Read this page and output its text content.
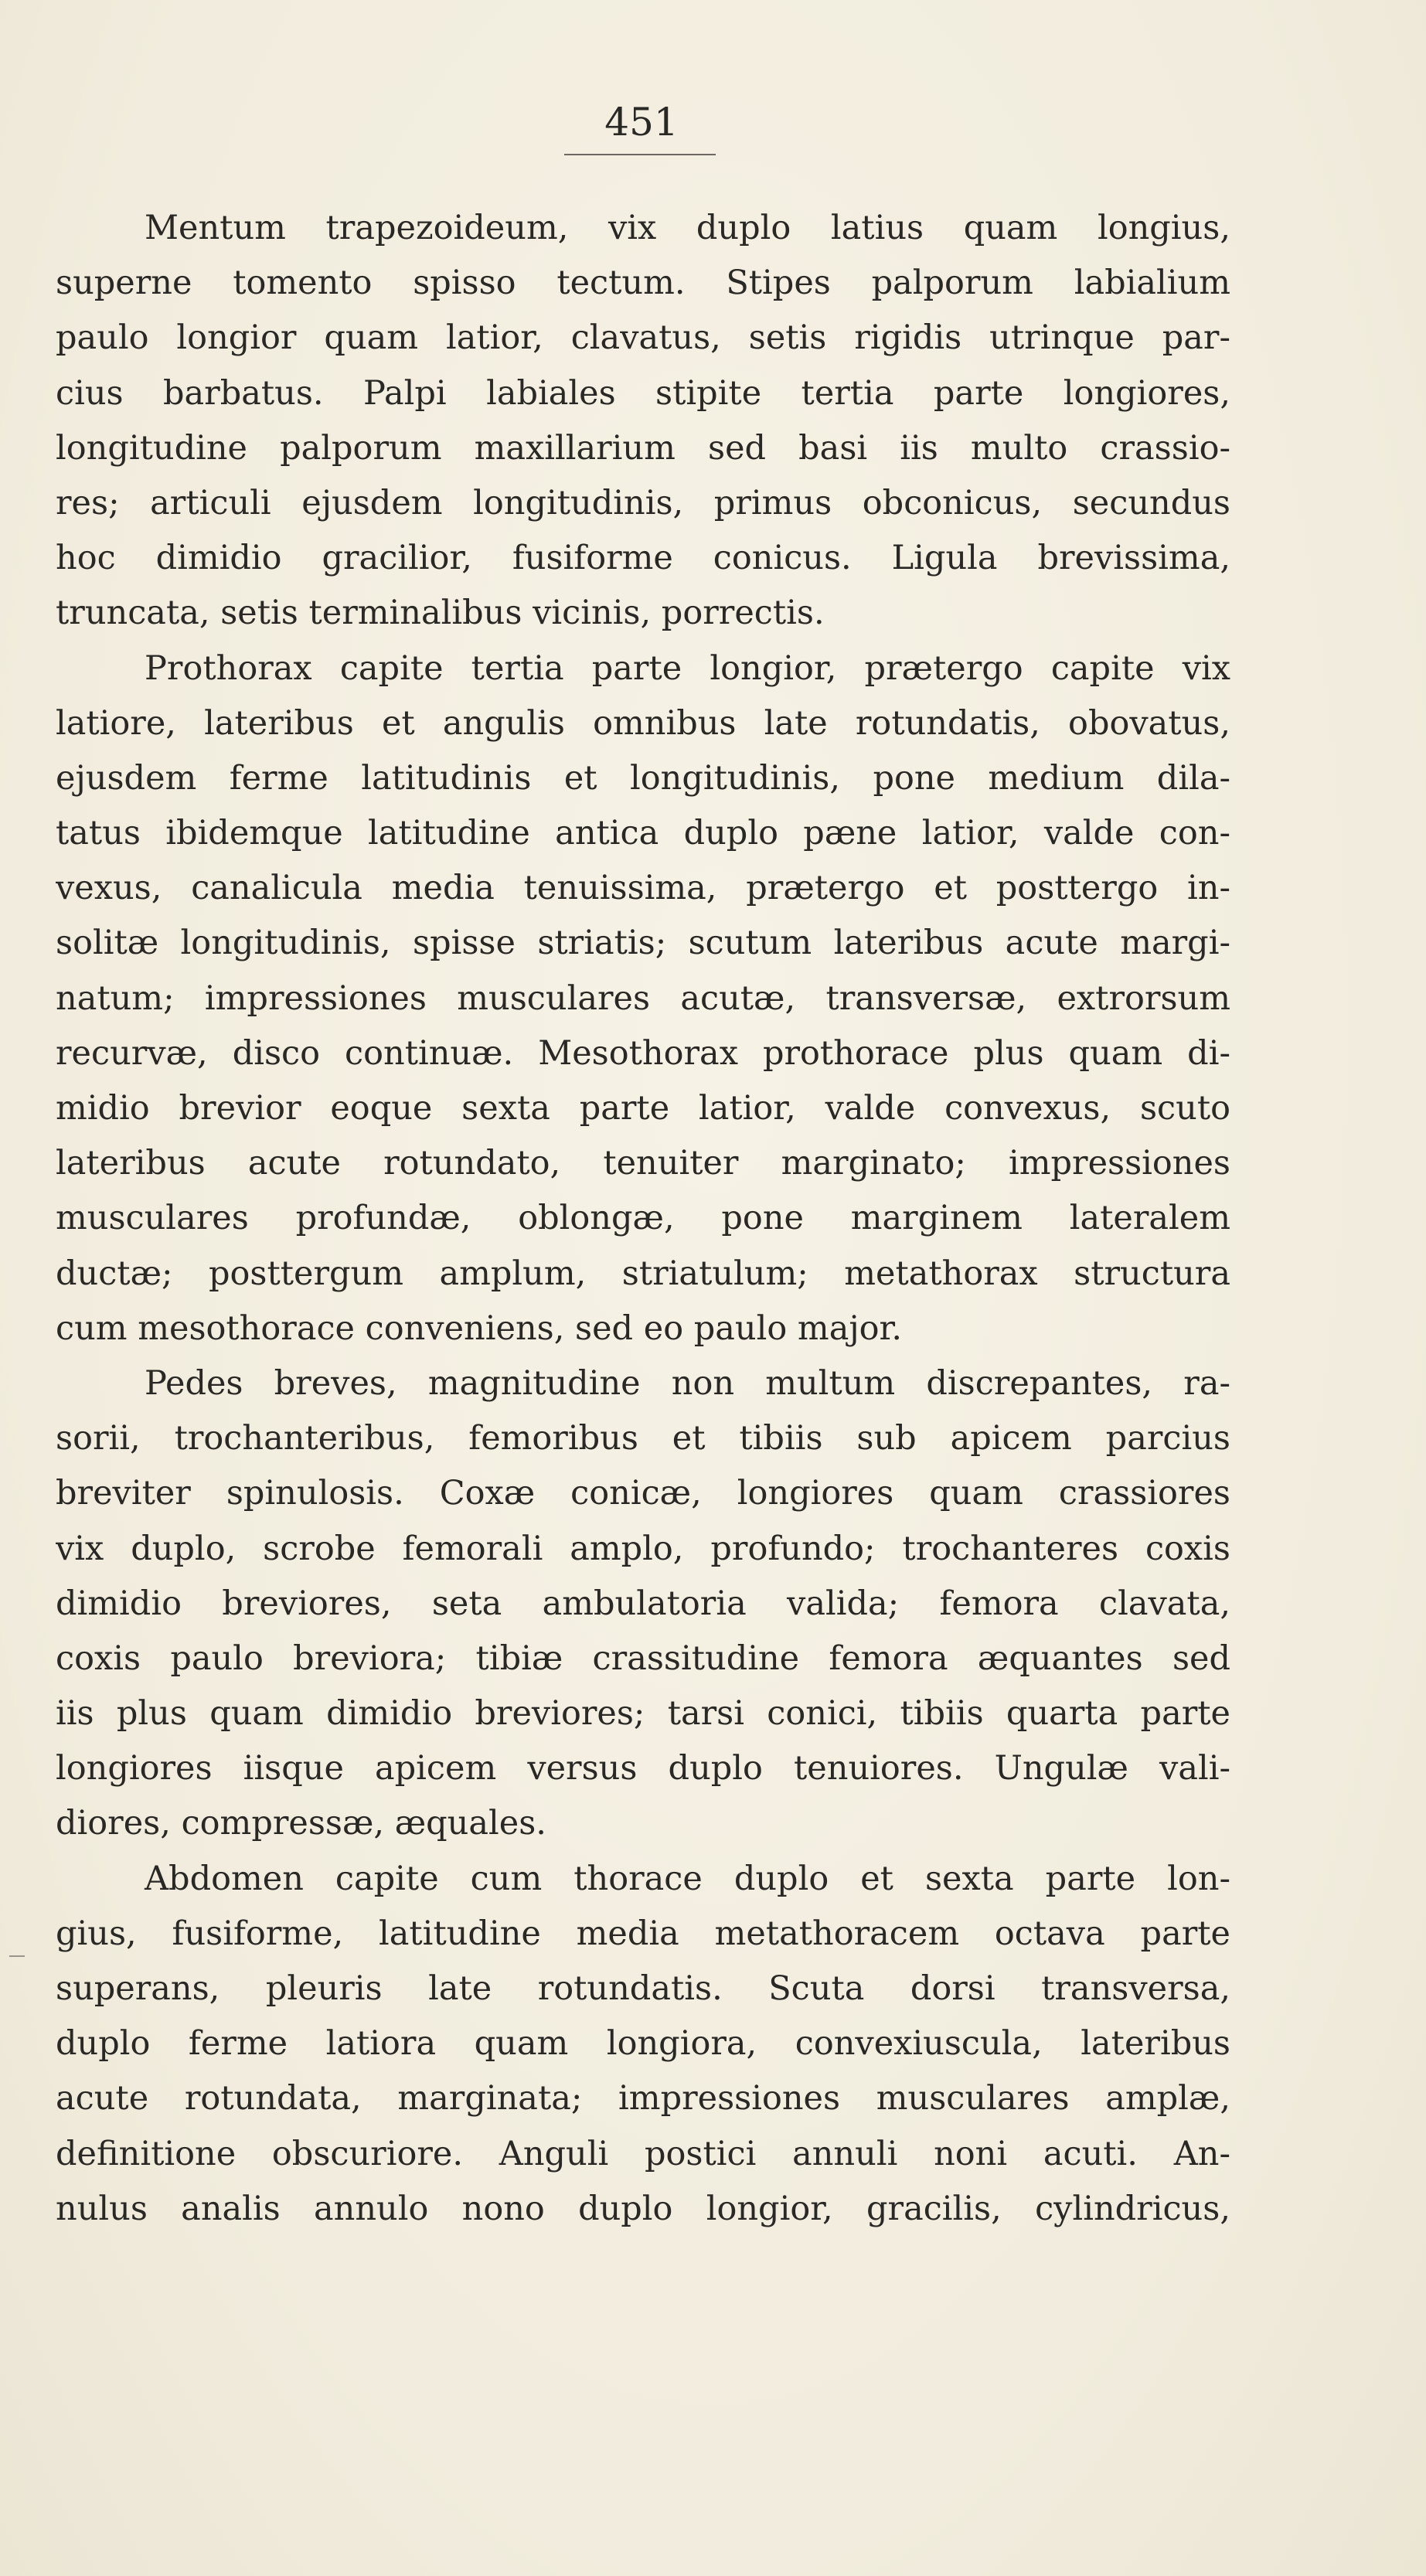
451
Mentum trapezoideum, vix duplo latius quam longius,
superne tomento spisso tectum. Stipes palporum labialium
paulo longior quam latior, clavatus, setis rigidis utrinque par-
cius barbatus. Palpi labiales stipite tertia parte longiores,
longitudine palporum maxillarium sed basi iis multo crassio-
res; articuli ejusdem longitudinis, primus obconicus, secundus
hoc dimidio gracilior, fusiforme conicus. Ligula brevissima,
truncata, setis terminalibus vicinis, porrectis.
Prothorax capite tertia parte longior, prætergo capite vix
latiore, lateribus et angulis omnibus late rotundatis, obovatus,
ejusdem ferme latitudinis et longitudinis, pone medium dila-
tatus ibidemque latitudine antica duplo pæne latior, valde con-
vexus, canalicula media tenuissima, prætergo et posttergo in-
solitæ longitudinis, spisse striatis; scutum lateribus acute margi-
natum; impressiones musculares acutæ, transversæ, extrorsum
recurvæ, disco continuæ. Mesothorax prothorace plus quam di-
midio brevior eoque sexta parte latior, valde convexus, scuto
lateribus acute rotundato, tenuiter marginato; impressiones
musculares profundæ, oblongæ, pone marginem lateralem
ductæ; posttergum amplum, striatulum; metathorax structura
cum mesothorace conveniens, sed eo paulo major.
Pedes breves, magnitudine non multum discrepantes, ra-
sorii, trochanteribus, femoribus et tibiis sub apicem parcius
breviter spinulosis. Coxæ conicæ, longiores quam crassiores
vix duplo, scrobe femorali amplo, profundo; trochanteres coxis
dimidio breviores, seta ambulatoria valida; femora clavata,
coxis paulo breviora; tibiæ crassitudine femora æquantes sed
iis plus quam dimidio breviores; tarsi conici, tibiis quarta parte
longiores iisque apicem versus duplo tenuiores. Ungulæ vali-
diores, compressæ, æquales.
Abdomen capite cum thorace duplo et sexta parte lon-
gius, fusiforme, latitudine media metathoracem octava parte
superans, pleuris late rotundatis. Scuta dorsi transversa,
duplo ferme latiora quam longiora, convexiuscula, lateribus
acute rotundata, marginata; impressiones musculares amplæ,
definitione obscuriore. Anguli postici annuli noni acuti. An-
nulus analis annulo nono duplo longior, gracilis, cylindricus,
